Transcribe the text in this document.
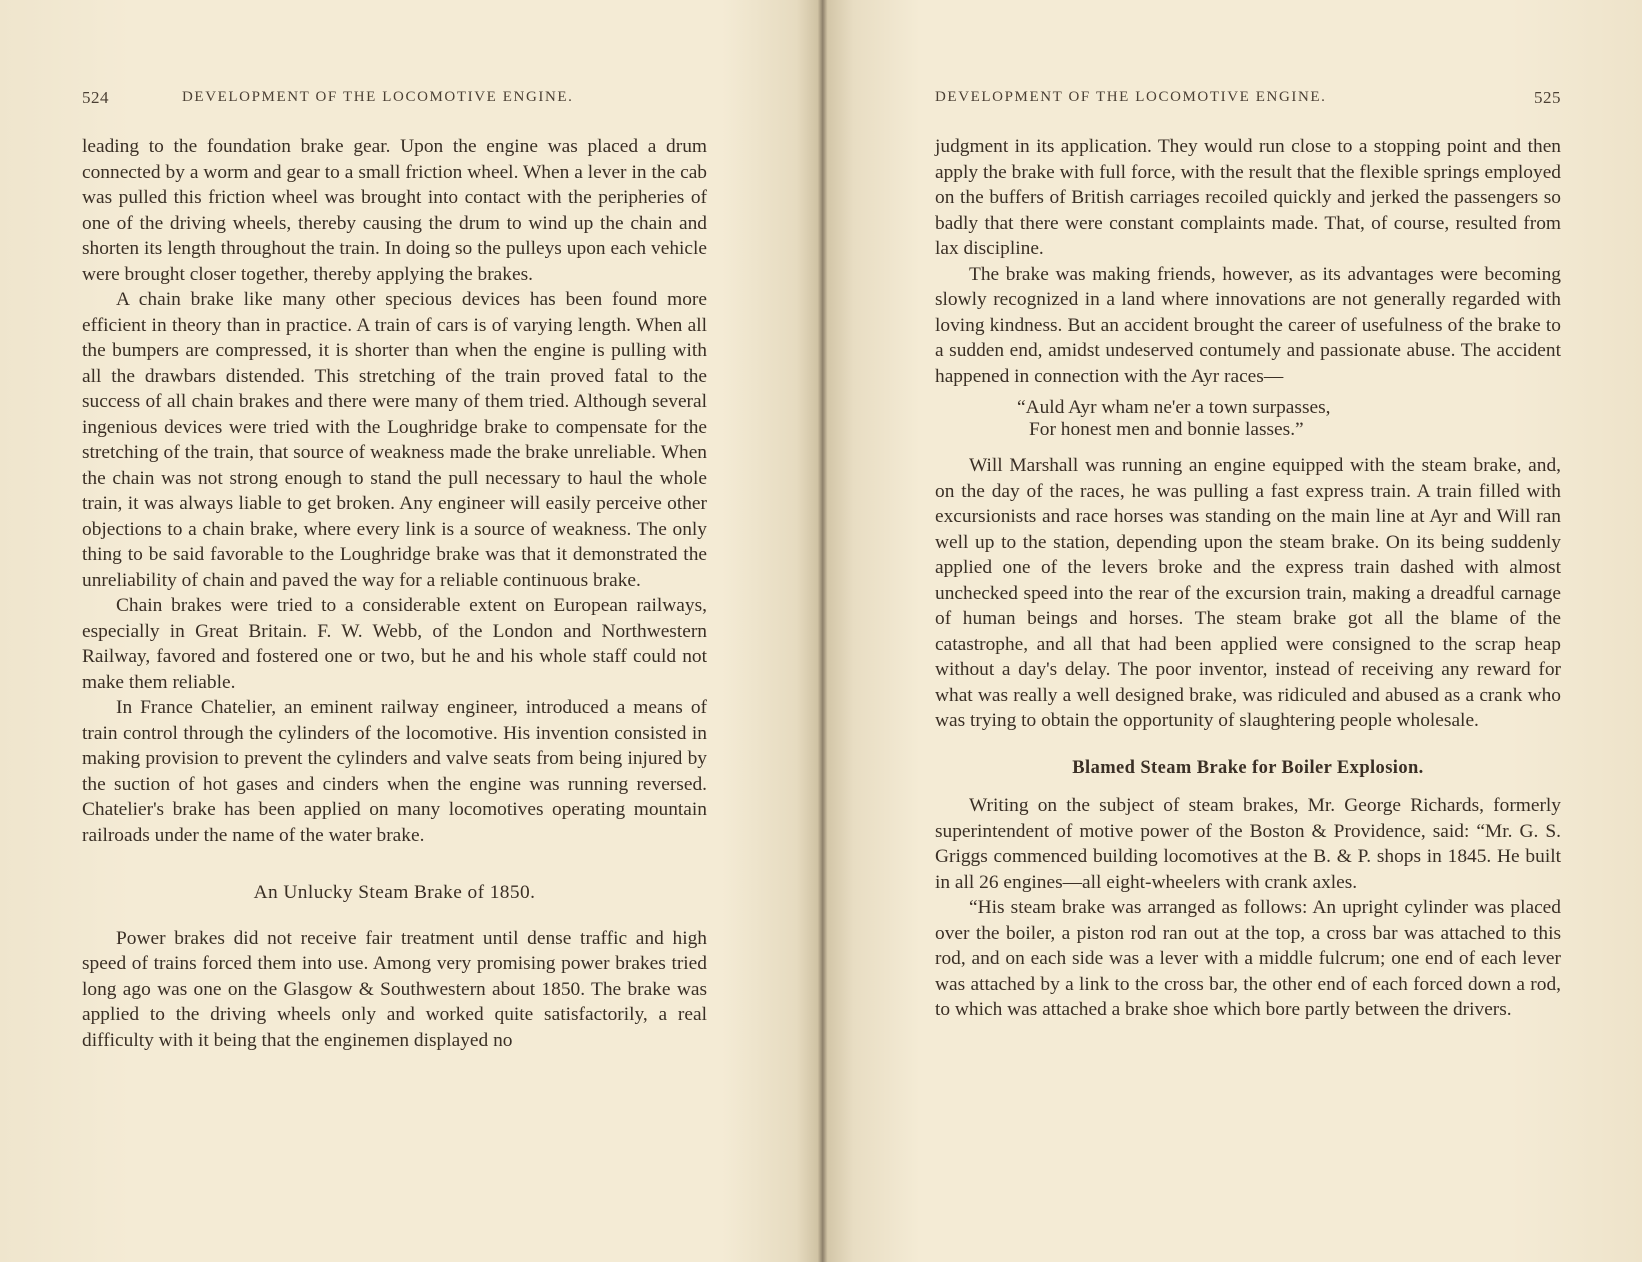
524	DEVELOPMENT OF THE LOCOMOTIVE ENGINE.

leading to the foundation brake gear. Upon the engine was placed a drum connected by a worm and gear to a small friction wheel. When a lever in the cab was pulled this friction wheel was brought into contact with the peripheries of one of the driving wheels, thereby causing the drum to wind up the chain and shorten its length throughout the train. In doing so the pulleys upon each vehicle were brought closer together, thereby applying the brakes.

A chain brake like many other specious devices has been found more efficient in theory than in practice. A train of cars is of varying length. When all the bumpers are compressed, it is shorter than when the engine is pulling with all the drawbars distended. This stretching of the train proved fatal to the success of all chain brakes and there were many of them tried. Although several ingenious devices were tried with the Loughridge brake to compensate for the stretching of the train, that source of weakness made the brake unreliable. When the chain was not strong enough to stand the pull necessary to haul the whole train, it was always liable to get broken. Any engineer will easily perceive other objections to a chain brake, where every link is a source of weakness. The only thing to be said favorable to the Loughridge brake was that it demonstrated the unreliability of chain and paved the way for a reliable continuous brake.

Chain brakes were tried to a considerable extent on European railways, especially in Great Britain. F. W. Webb, of the London and Northwestern Railway, favored and fostered one or two, but he and his whole staff could not make them reliable.

In France Chatelier, an eminent railway engineer, introduced a means of train control through the cylinders of the locomotive. His invention consisted in making provision to prevent the cylinders and valve seats from being injured by the suction of hot gases and cinders when the engine was running reversed. Chatelier's brake has been applied on many locomotives operating mountain railroads under the name of the water brake.

An Unlucky Steam Brake of 1850.

Power brakes did not receive fair treatment until dense traffic and high speed of trains forced them into use. Among very promising power brakes tried long ago was one on the Glasgow & Southwestern about 1850. The brake was applied to the driving wheels only and worked quite satisfactorily, a real difficulty with it being that the enginemen displayed no

DEVELOPMENT OF THE LOCOMOTIVE ENGINE.	525

judgment in its application. They would run close to a stopping point and then apply the brake with full force, with the result that the flexible springs employed on the buffers of British carriages recoiled quickly and jerked the passengers so badly that there were constant complaints made. That, of course, resulted from lax discipline.

The brake was making friends, however, as its advantages were becoming slowly recognized in a land where innovations are not generally regarded with loving kindness. But an accident brought the career of usefulness of the brake to a sudden end, amidst undeserved contumely and passionate abuse. The accident happened in connection with the Ayr races—

“Auld Ayr wham ne'er a town surpasses,
For honest men and bonnie lasses.”

Will Marshall was running an engine equipped with the steam brake, and, on the day of the races, he was pulling a fast express train. A train filled with excursionists and race horses was standing on the main line at Ayr and Will ran well up to the station, depending upon the steam brake. On its being suddenly applied one of the levers broke and the express train dashed with almost unchecked speed into the rear of the excursion train, making a dreadful carnage of human beings and horses. The steam brake got all the blame of the catastrophe, and all that had been applied were consigned to the scrap heap without a day's delay. The poor inventor, instead of receiving any reward for what was really a well designed brake, was ridiculed and abused as a crank who was trying to obtain the opportunity of slaughtering people wholesale.

Blamed Steam Brake for Boiler Explosion.

Writing on the subject of steam brakes, Mr. George Richards, formerly superintendent of motive power of the Boston & Providence, said: “Mr. G. S. Griggs commenced building locomotives at the B. & P. shops in 1845. He built in all 26 engines—all eight-wheelers with crank axles.

“His steam brake was arranged as follows: An upright cylinder was placed over the boiler, a piston rod ran out at the top, a cross bar was attached to this rod, and on each side was a lever with a middle fulcrum; one end of each lever was attached by a link to the cross bar, the other end of each forced down a rod, to which was attached a brake shoe which bore partly between the drivers.
